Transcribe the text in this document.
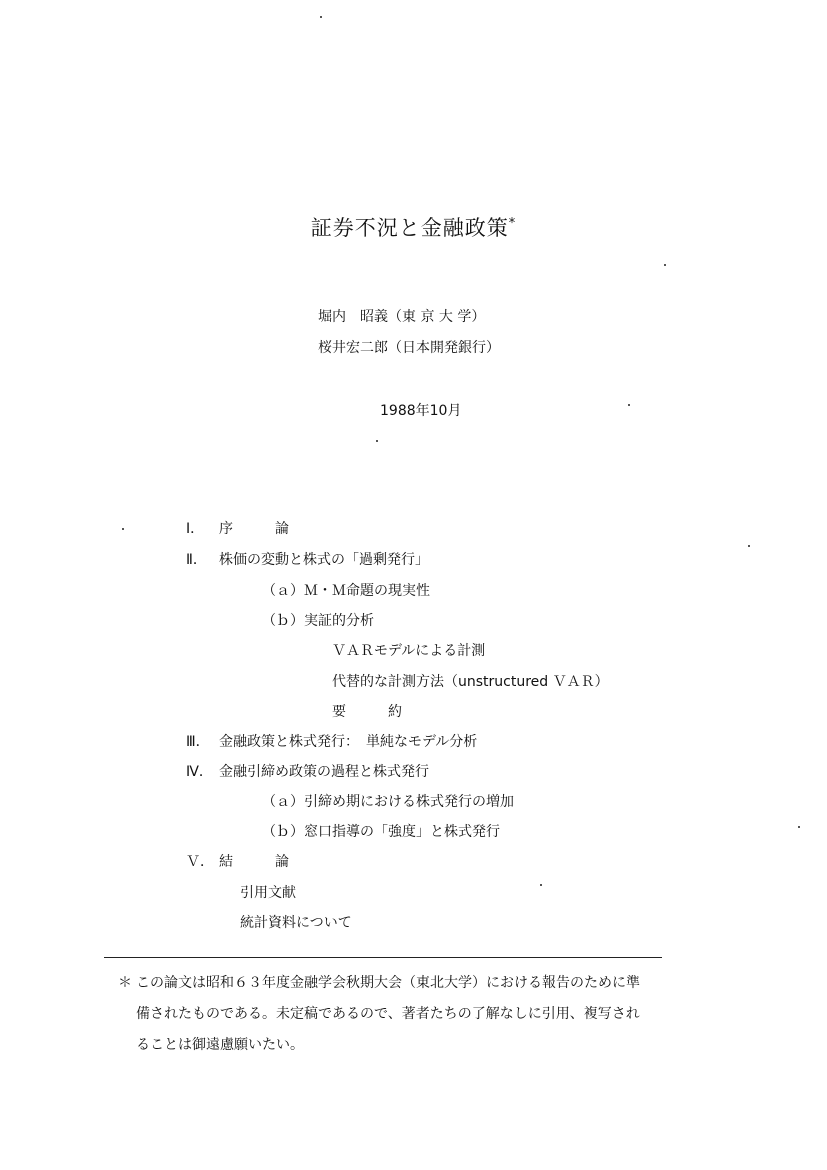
証券不況と金融政策*
堀内　昭義（東 京 大 学）
桜井宏二郎（日本開発銀行）
1988年10月
Ⅰ． 序　　　論
Ⅱ． 株価の変動と株式の「過剰発行」
（ａ）Ｍ・Ｍ命題の現実性
（ｂ）実証的分析
ＶＡＲモデルによる計測
代替的な計測方法（unstructured ＶＡＲ）
要　　　約
Ⅲ． 金融政策と株式発行：　単純なモデル分析
Ⅳ． 金融引締め政策の過程と株式発行
（ａ）引締め期における株式発行の増加
（ｂ）窓口指導の「強度」と株式発行
Ｖ． 結　　　論
引用文献
統計資料について
＊ この論文は昭和６３年度金融学会秋期大会（東北大学）における報告のために準
備されたものである。未定稿であるので、著者たちの了解なしに引用、複写され
ることは御遠慮願いたい。
